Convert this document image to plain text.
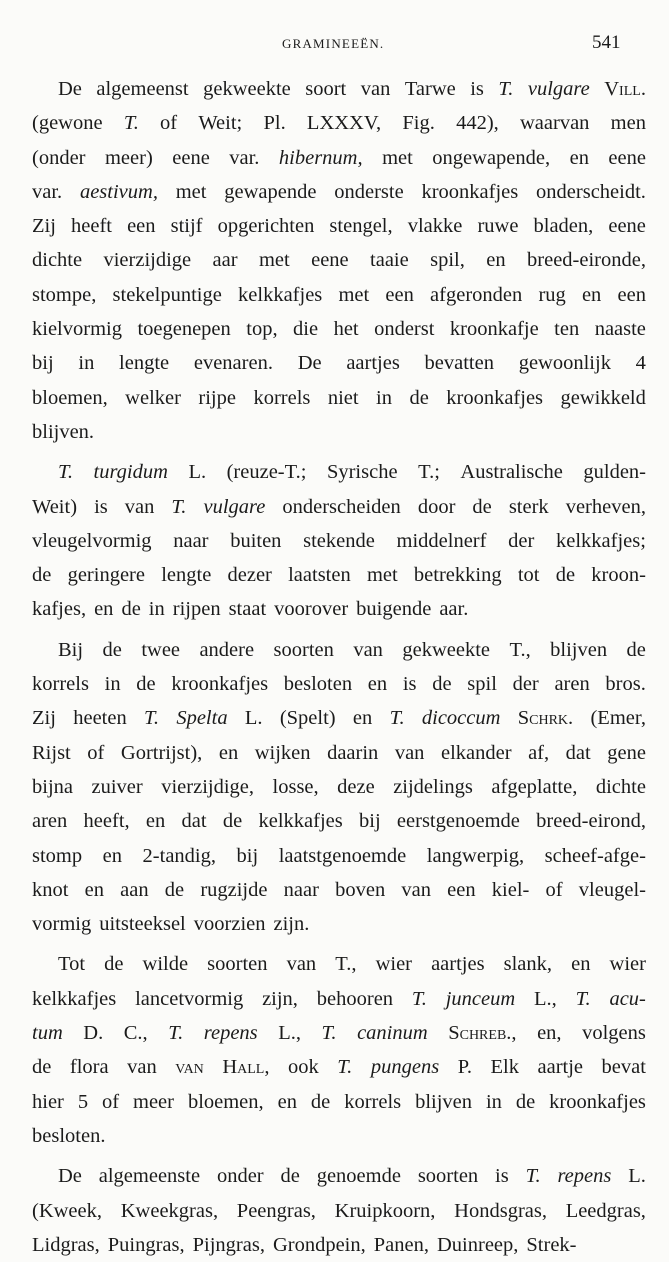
GRAMINEEËN.	541
De algemeenst gekweekte soort van Tarwe is T. vulgare Vill.
(gewone T. of Weit; Pl. LXXXV, Fig. 442), waarvan men
(onder meer) eene var. hibernum, met ongewapende, en eene
var. aestivum, met gewapende onderste kroonkafjes onderscheidt.
Zij heeft een stijf opgerichten stengel, vlakke ruwe bladen, eene
dichte vierzijdige aar met eene taaie spil, en breed-eironde,
stompe, stekelpuntige kelkkafjes met een afgeronden rug en een
kielvormig toegenepen top, die het onderst kroonkafje ten naaste
bij in lengte evenaren. De aartjes bevatten gewoonlijk 4
bloemen, welker rijpe korrels niet in de kroonkafjes gewikkeld
blijven.
T. turgidum L. (reuze-T.; Syrische T.; Australische gulden-
Weit) is van T. vulgare onderscheiden door de sterk verheven,
vleugelvormig naar buiten stekende middelnerf der kelkkafjes;
de geringere lengte dezer laatsten met betrekking tot de kroon-
kafjes, en de in rijpen staat voorover buigende aar.
Bij de twee andere soorten van gekweekte T., blijven de
korrels in de kroonkafjes besloten en is de spil der aren bros.
Zij heeten T. Spelta L. (Spelt) en T. dicoccum Schrk. (Emer,
Rijst of Gortrijst), en wijken daarin van elkander af, dat gene
bijna zuiver vierzijdige, losse, deze zijdelings afgeplatte, dichte
aren heeft, en dat de kelkkafjes bij eerstgenoemde breed-eirond,
stomp en 2-tandig, bij laatstgenoemde langwerpig, scheef-afge-
knot en aan de rugzijde naar boven van een kiel- of vleugel-
vormig uitsteeksel voorzien zijn.
Tot de wilde soorten van T., wier aartjes slank, en wier
kelkkafjes lancetvormig zijn, behooren T. junceum L., T. acu-
tum D. C., T. repens L., T. caninum Schreb., en, volgens
de flora van van Hall, ook T. pungens P. Elk aartje bevat
hier 5 of meer bloemen, en de korrels blijven in de kroonkafjes
besloten.
De algemeenste onder de genoemde soorten is T. repens L.
(Kweek, Kweekgras, Peengras, Kruipkoorn, Hondsgras, Leedgras,
Lidgras, Puingras, Pijngras, Grondpein, Panen, Duinreep, Strek-
